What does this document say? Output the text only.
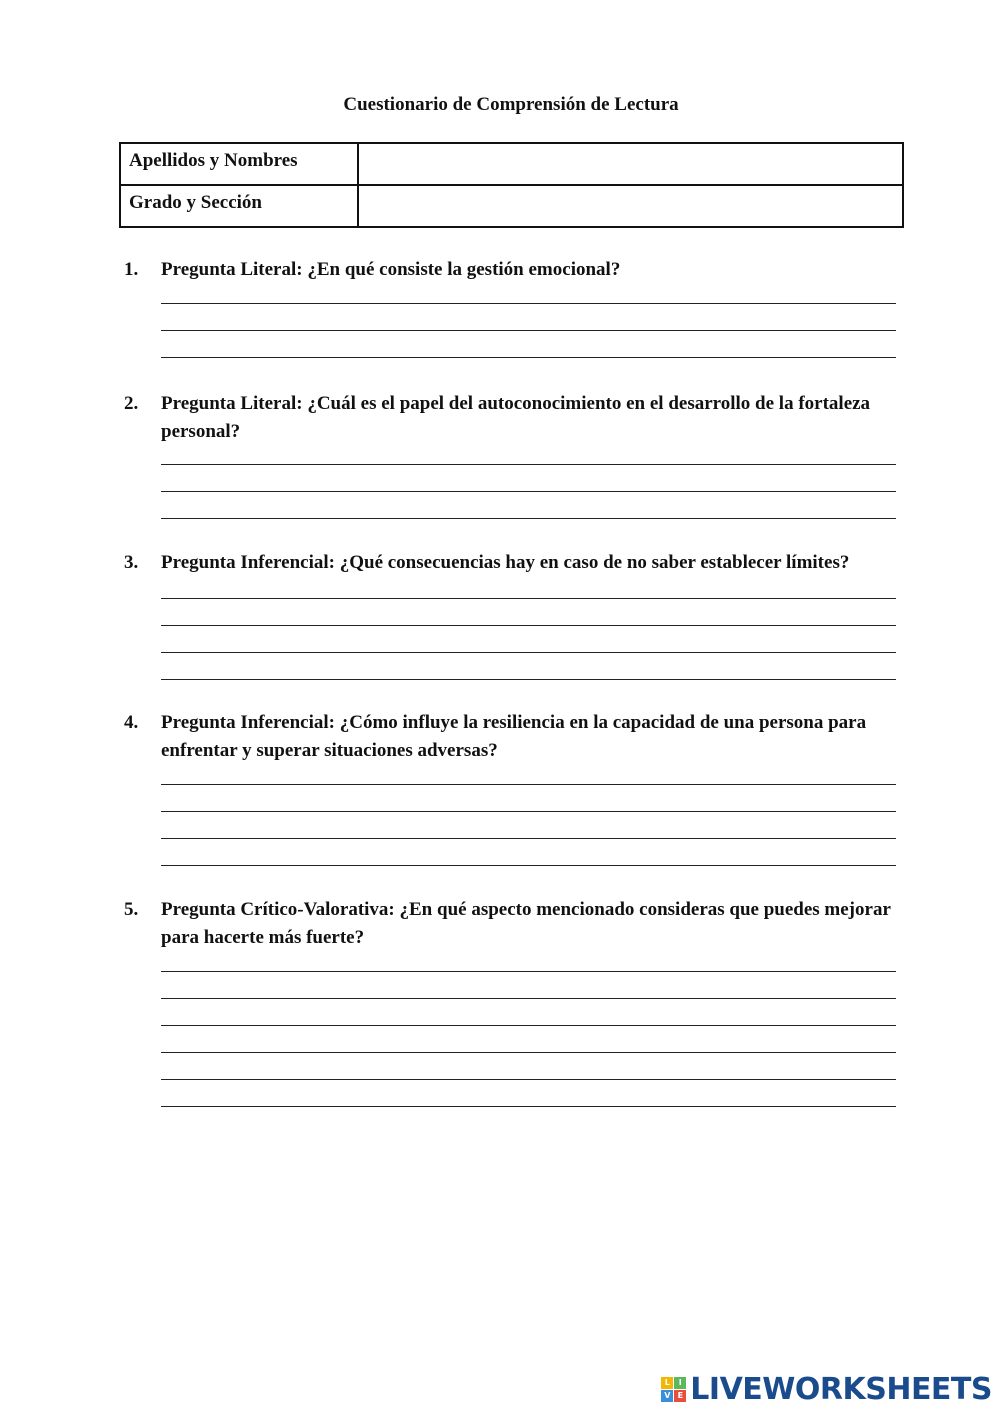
Cuestionario de Comprensión de Lectura
Apellidos y Nombres	
Grado y Sección	
1.	Pregunta Literal: ¿En qué consiste la gestión emocional?
2.	Pregunta Literal: ¿Cuál es el papel del autoconocimiento en el desarrollo de la fortaleza personal?
3.	Pregunta Inferencial: ¿Qué consecuencias hay en caso de no saber establecer límites?
4.	Pregunta Inferencial: ¿Cómo influye la resiliencia en la capacidad de una persona para enfrentar y superar situaciones adversas?
5.	Pregunta Crítico-Valorativa: ¿En qué aspecto mencionado consideras que puedes mejorar para hacerte más fuerte?
L	I
V E LIVEWORKSHEETS
